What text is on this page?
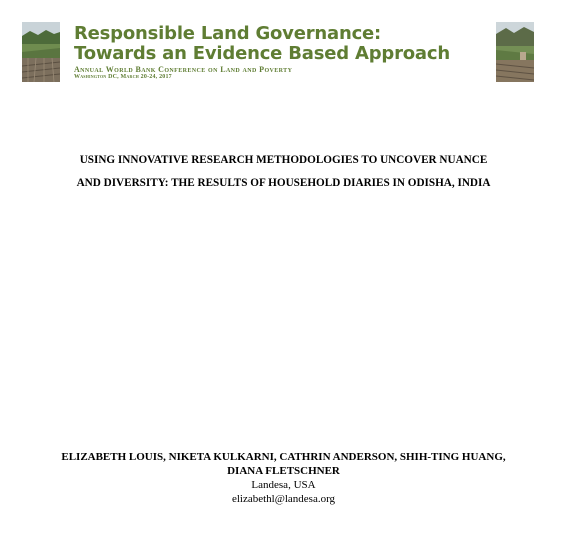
Responsible Land Governance:
Towards an Evidence Based Approach
Annual World Bank Conference on Land and Poverty
Washington DC, March 20-24, 2017
USING INNOVATIVE RESEARCH METHODOLOGIES TO UNCOVER NUANCE
AND DIVERSITY: THE RESULTS OF HOUSEHOLD DIARIES IN ODISHA, INDIA
ELIZABETH LOUIS, NIKETA KULKARNI, CATHRIN ANDERSON, SHIH-TING HUANG,
DIANA FLETSCHNER
Landesa, USA
elizabethl@landesa.org
